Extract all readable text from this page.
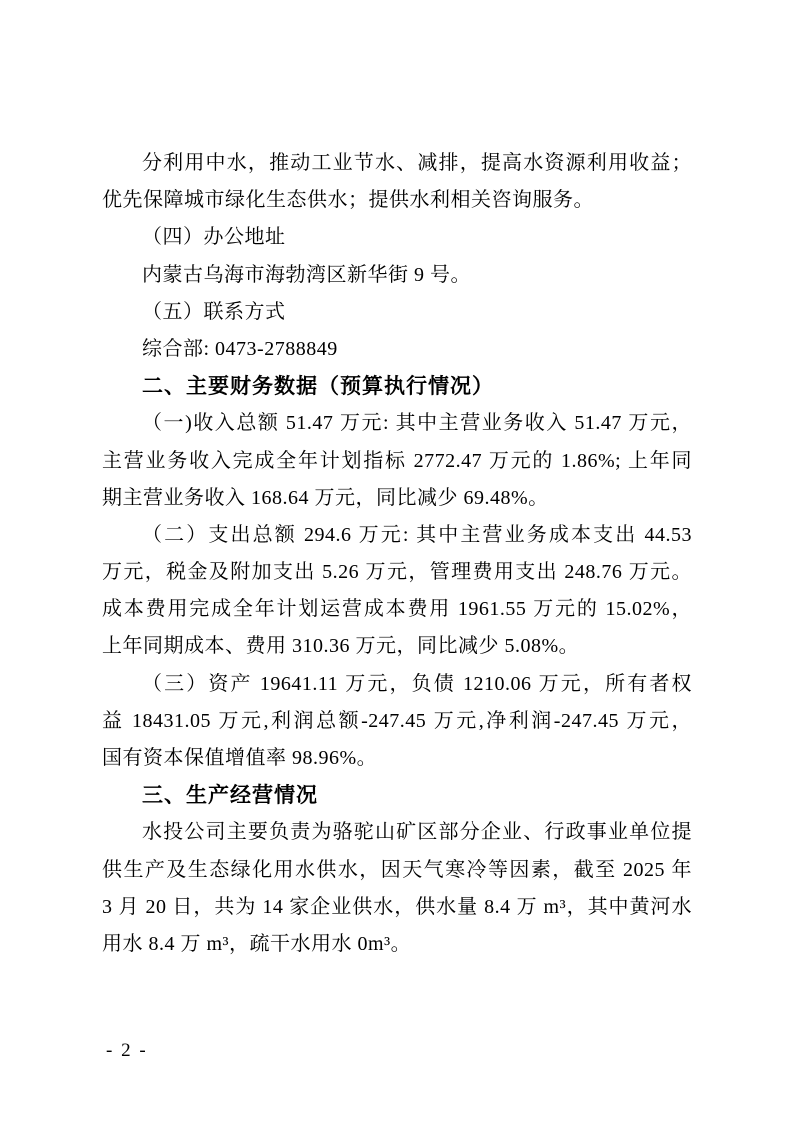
分利用中水，推动工业节水、减排，提高水资源利用收益；
优先保障城市绿化生态供水；提供水利相关咨询服务。
（四）办公地址
内蒙古乌海市海勃湾区新华街 9 号。
（五）联系方式
综合部: 0473-2788849
二、主要财务数据（预算执行情况）
（一)收入总额 51.47 万元: 其中主营业务收入 51.47 万元，
主营业务收入完成全年计划指标 2772.47 万元的 1.86%; 上年同
期主营业务收入 168.64 万元，同比减少 69.48%。
（二）支出总额 294.6 万元: 其中主营业务成本支出 44.53
万元，税金及附加支出 5.26 万元，管理费用支出 248.76 万元。
成本费用完成全年计划运营成本费用 1961.55 万元的 15.02%，
上年同期成本、费用 310.36 万元，同比减少 5.08%。
（三）资产 19641.11 万元，负债 1210.06 万元，所有者权
益 18431.05 万元,利润总额-247.45 万元,净利润-247.45 万元，
国有资本保值增值率 98.96%。
三、生产经营情况
水投公司主要负责为骆驼山矿区部分企业、行政事业单位提
供生产及生态绿化用水供水，因天气寒冷等因素，截至 2025 年
3 月 20 日，共为 14 家企业供水，供水量 8.4 万 m³，其中黄河水
用水 8.4 万 m³，疏干水用水 0m³。
- 2 -
